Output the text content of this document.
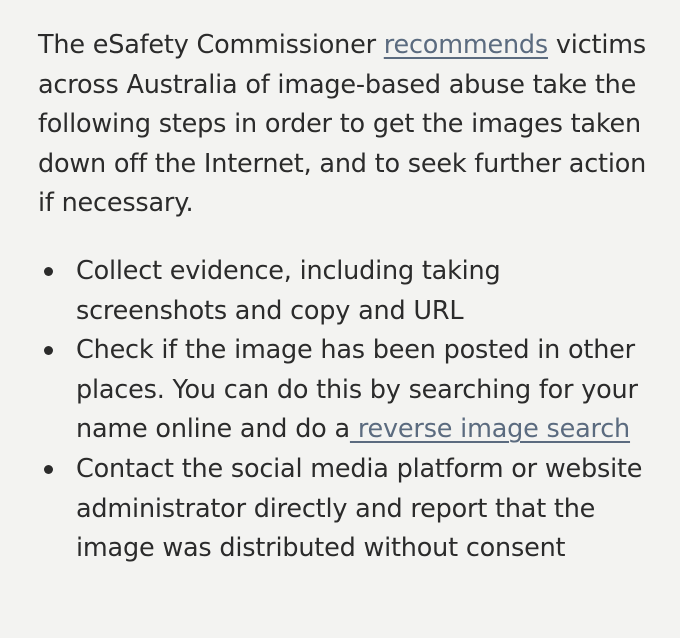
The eSafety Commissioner recommends victims across Australia of image-based abuse take the following steps in order to get the images taken down off the Internet, and to seek further action if necessary.

Collect evidence, including taking screenshots and copy and URL
Check if the image has been posted in other places. You can do this by searching for your name online and do a reverse image search
Contact the social media platform or website administrator directly and report that the image was distributed without consent
